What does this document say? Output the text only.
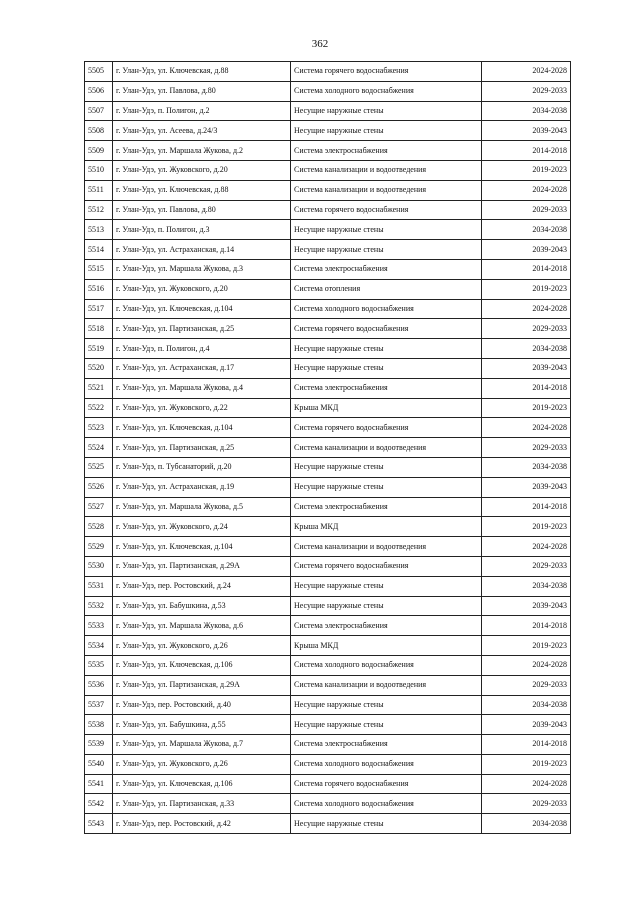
362
5505	г. Улан-Удэ, ул. Ключевская, д.88	Система горячего водоснабжения	2024-2028
5506	г. Улан-Удэ, ул. Павлова, д.80	Система холодного водоснабжения	2029-2033
5507	г. Улан-Удэ, п. Полигон, д.2	Несущие наружные стены	2034-2038
5508	г. Улан-Удэ, ул. Асеева, д.24/3	Несущие наружные стены	2039-2043
5509	г. Улан-Удэ, ул. Маршала Жукова, д.2	Система электроснабжения	2014-2018
5510	г. Улан-Удэ, ул. Жуковского, д.20	Система канализации и водоотведения	2019-2023
5511	г. Улан-Удэ, ул. Ключевская, д.88	Система канализации и водоотведения	2024-2028
5512	г. Улан-Удэ, ул. Павлова, д.80	Система горячего водоснабжения	2029-2033
5513	г. Улан-Удэ, п. Полигон, д.3	Несущие наружные стены	2034-2038
5514	г. Улан-Удэ, ул. Астраханская, д.14	Несущие наружные стены	2039-2043
5515	г. Улан-Удэ, ул. Маршала Жукова, д.3	Система электроснабжения	2014-2018
5516	г. Улан-Удэ, ул. Жуковского, д.20	Система отопления	2019-2023
5517	г. Улан-Удэ, ул. Ключевская, д.104	Система холодного водоснабжения	2024-2028
5518	г. Улан-Удэ, ул. Партизанская, д.25	Система горячего водоснабжения	2029-2033
5519	г. Улан-Удэ, п. Полигон, д.4	Несущие наружные стены	2034-2038
5520	г. Улан-Удэ, ул. Астраханская, д.17	Несущие наружные стены	2039-2043
5521	г. Улан-Удэ, ул. Маршала Жукова, д.4	Система электроснабжения	2014-2018
5522	г. Улан-Удэ, ул. Жуковского, д.22	Крыша МКД	2019-2023
5523	г. Улан-Удэ, ул. Ключевская, д.104	Система горячего водоснабжения	2024-2028
5524	г. Улан-Удэ, ул. Партизанская, д.25	Система канализации и водоотведения	2029-2033
5525	г. Улан-Удэ, п. Тубсанаторий, д.20	Несущие наружные стены	2034-2038
5526	г. Улан-Удэ, ул. Астраханская, д.19	Несущие наружные стены	2039-2043
5527	г. Улан-Удэ, ул. Маршала Жукова, д.5	Система электроснабжения	2014-2018
5528	г. Улан-Удэ, ул. Жуковского, д.24	Крыша МКД	2019-2023
5529	г. Улан-Удэ, ул. Ключевская, д.104	Система канализации и водоотведения	2024-2028
5530	г. Улан-Удэ, ул. Партизанская, д.29А	Система горячего водоснабжения	2029-2033
5531	г. Улан-Удэ, пер. Ростовский, д.24	Несущие наружные стены	2034-2038
5532	г. Улан-Удэ, ул. Бабушкина, д.53	Несущие наружные стены	2039-2043
5533	г. Улан-Удэ, ул. Маршала Жукова, д.6	Система электроснабжения	2014-2018
5534	г. Улан-Удэ, ул. Жуковского, д.26	Крыша МКД	2019-2023
5535	г. Улан-Удэ, ул. Ключевская, д.106	Система холодного водоснабжения	2024-2028
5536	г. Улан-Удэ, ул. Партизанская, д.29А	Система канализации и водоотведения	2029-2033
5537	г. Улан-Удэ, пер. Ростовский, д.40	Несущие наружные стены	2034-2038
5538	г. Улан-Удэ, ул. Бабушкина, д.55	Несущие наружные стены	2039-2043
5539	г. Улан-Удэ, ул. Маршала Жукова, д.7	Система электроснабжения	2014-2018
5540	г. Улан-Удэ, ул. Жуковского, д.26	Система холодного водоснабжения	2019-2023
5541	г. Улан-Удэ, ул. Ключевская, д.106	Система горячего водоснабжения	2024-2028
5542	г. Улан-Удэ, ул. Партизанская, д.33	Система холодного водоснабжения	2029-2033
5543	г. Улан-Удэ, пер. Ростовский, д.42	Несущие наружные стены	2034-2038
